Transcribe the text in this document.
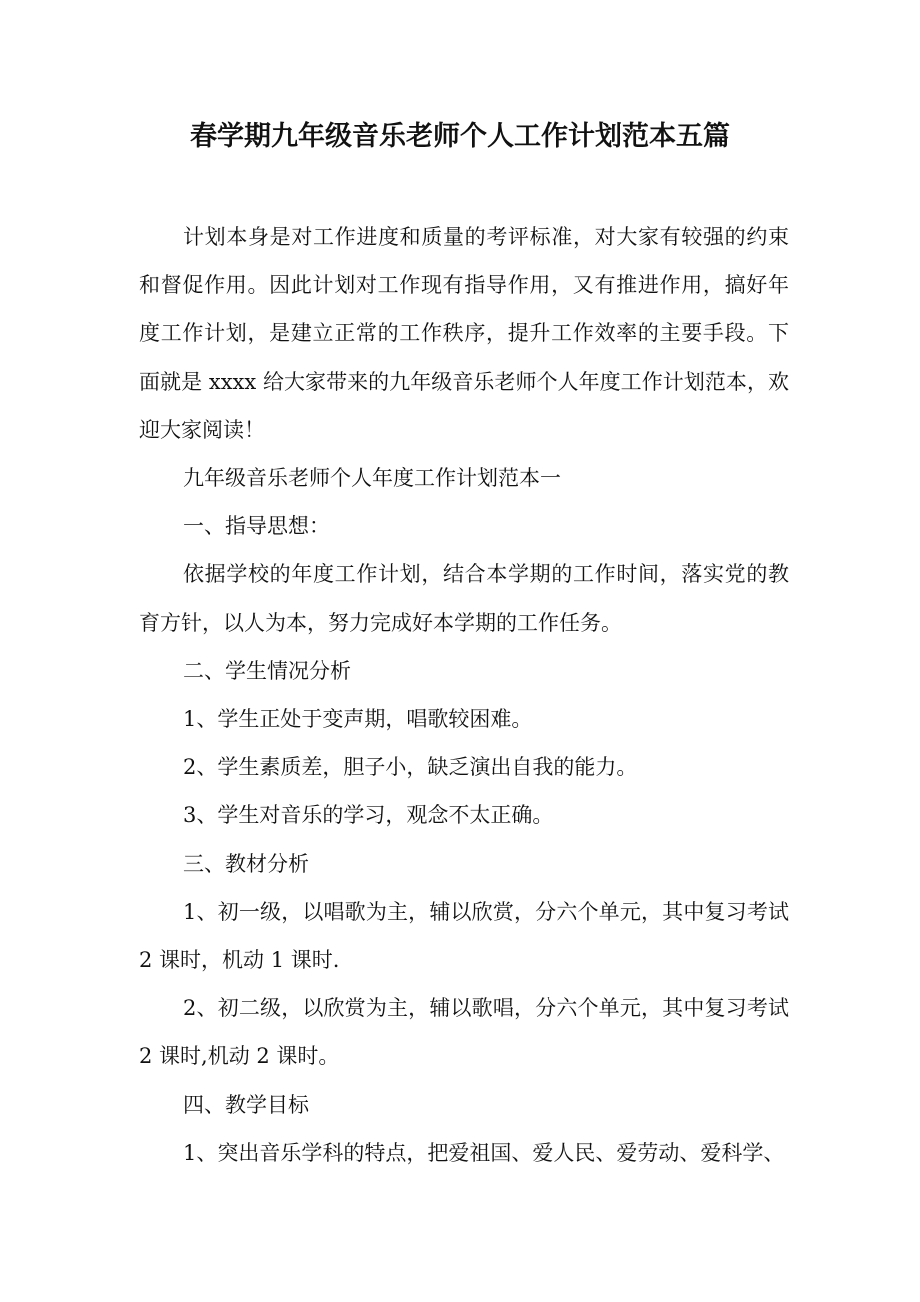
春学期九年级音乐老师个人工作计划范本五篇

计划本身是对工作进度和质量的考评标准，对大家有较强的约束和督促作用。因此计划对工作现有指导作用，又有推进作用，搞好年度工作计划，是建立正常的工作秩序，提升工作效率的主要手段。下面就是 xxxx 给大家带来的九年级音乐老师个人年度工作计划范本，欢迎大家阅读！

九年级音乐老师个人年度工作计划范本一

一、指导思想：

依据学校的年度工作计划，结合本学期的工作时间，落实党的教育方针，以人为本，努力完成好本学期的工作任务。

二、学生情况分析

1、学生正处于变声期，唱歌较困难。

2、学生素质差，胆子小，缺乏演出自我的能力。

3、学生对音乐的学习，观念不太正确。

三、教材分析

1、初一级，以唱歌为主，辅以欣赏，分六个单元，其中复习考试 2 课时，机动 1 课时.

2、初二级，以欣赏为主，辅以歌唱，分六个单元，其中复习考试 2 课时,机动 2 课时。

四、教学目标

1、突出音乐学科的特点，把爱祖国、爱人民、爱劳动、爱科学、
